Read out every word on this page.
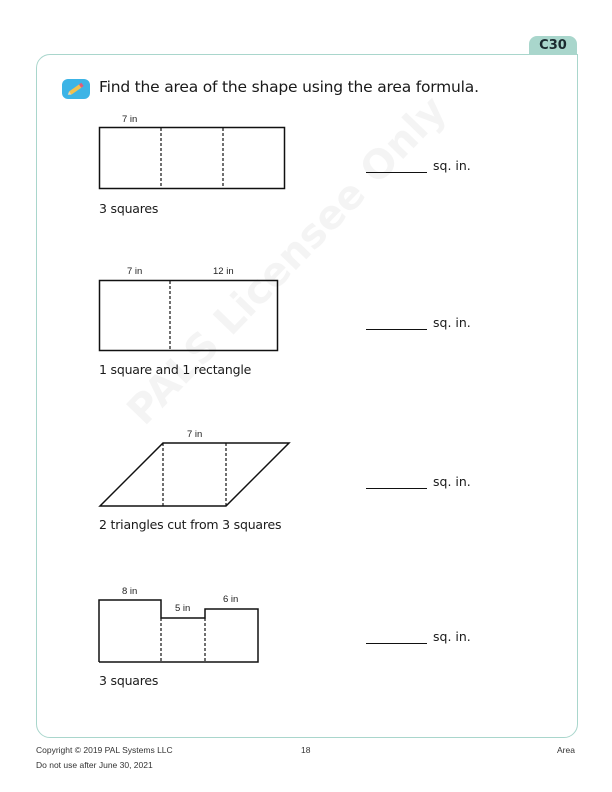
C30
Find the area of the shape using the area formula.
7 in
3 squares
sq. in.
7 in	12 in
1 square and 1 rectangle
sq. in.
7 in
2 triangles cut from 3 squares
sq. in.
8 in
5 in
6 in
3 squares
sq. in.
Copyright © 2019 PAL Systems LLC
Do not use after June 30, 2021
18	Area
